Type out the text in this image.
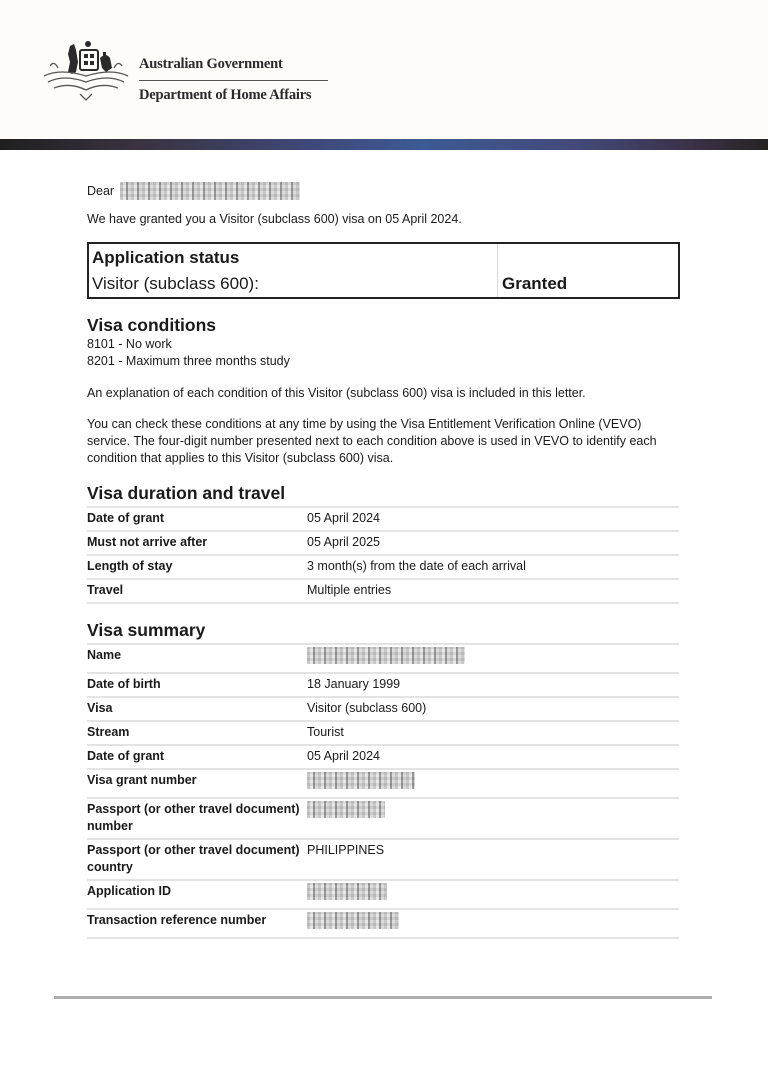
Australian Government
Department of Home Affairs
Dear

We have granted you a Visitor (subclass 600) visa on 05 April 2024.

Application status
Visitor (subclass 600):	Granted
Visa conditions
8101 - No work
8201 - Maximum three months study

An explanation of each condition of this Visitor (subclass 600) visa is included in this letter.

You can check these conditions at any time by using the Visa Entitlement Verification Online (VEVO) service. The four-digit number presented next to each condition above is used in VEVO to identify each condition that applies to this Visitor (subclass 600) visa.

Visa duration and travel
Date of grant	05 April 2024
Must not arrive after	05 April 2025
Length of stay	3 month(s) from the date of each arrival
Travel	Multiple entries
Visa summary
Name	
Date of birth	18 January 1999
Visa	Visitor (subclass 600)
Stream	Tourist
Date of grant	05 April 2024
Visa grant number	
Passport (or other travel document) number	
Passport (or other travel document) country	PHILIPPINES
Application ID	
Transaction reference number	
